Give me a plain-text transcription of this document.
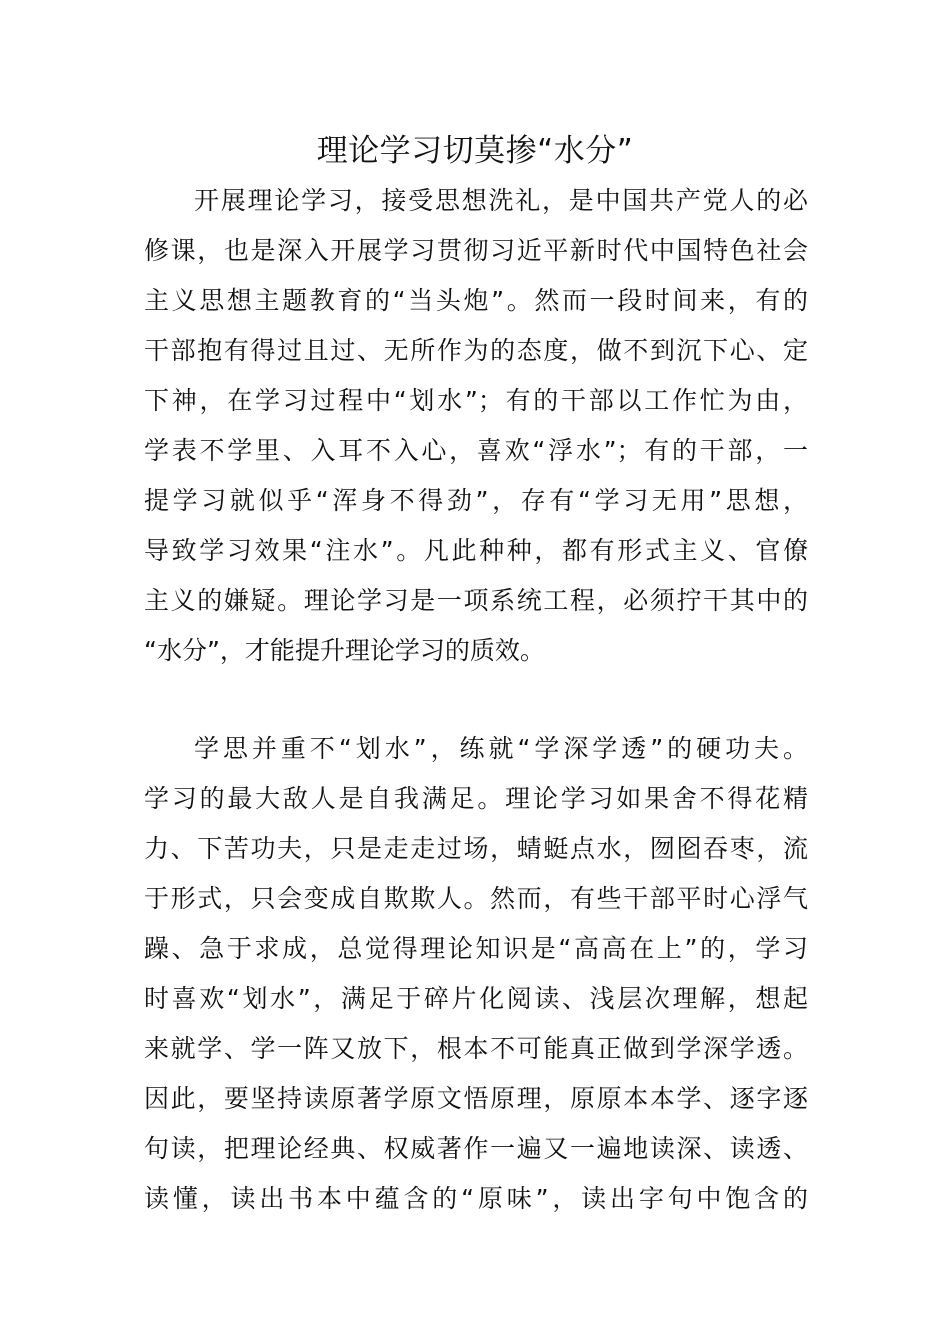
理论学习切莫掺“水分”
开展理论学习，接受思想洗礼，是中国共产党人的必
修课，也是深入开展学习贯彻习近平新时代中国特色社会
主义思想主题教育的“当头炮”。然而一段时间来，有的
干部抱有得过且过、无所作为的态度，做不到沉下心、定
下神，在学习过程中“划水”；有的干部以工作忙为由，
学表不学里、入耳不入心，喜欢“浮水”；有的干部，一
提学习就似乎“浑身不得劲”，存有“学习无用”思想，
导致学习效果“注水”。凡此种种，都有形式主义、官僚
主义的嫌疑。理论学习是一项系统工程，必须拧干其中的
“水分”，才能提升理论学习的质效。
学思并重不“划水”，练就“学深学透”的硬功夫。
学习的最大敌人是自我满足。理论学习如果舍不得花精
力、下苦功夫，只是走走过场，蜻蜓点水，囫囵吞枣，流
于形式，只会变成自欺欺人。然而，有些干部平时心浮气
躁、急于求成，总觉得理论知识是“高高在上”的，学习
时喜欢“划水”，满足于碎片化阅读、浅层次理解，想起
来就学、学一阵又放下，根本不可能真正做到学深学透。
因此，要坚持读原著学原文悟原理，原原本本学、逐字逐
句读，把理论经典、权威著作一遍又一遍地读深、读透、
读懂，读出书本中蕴含的“原味”，读出字句中饱含的
